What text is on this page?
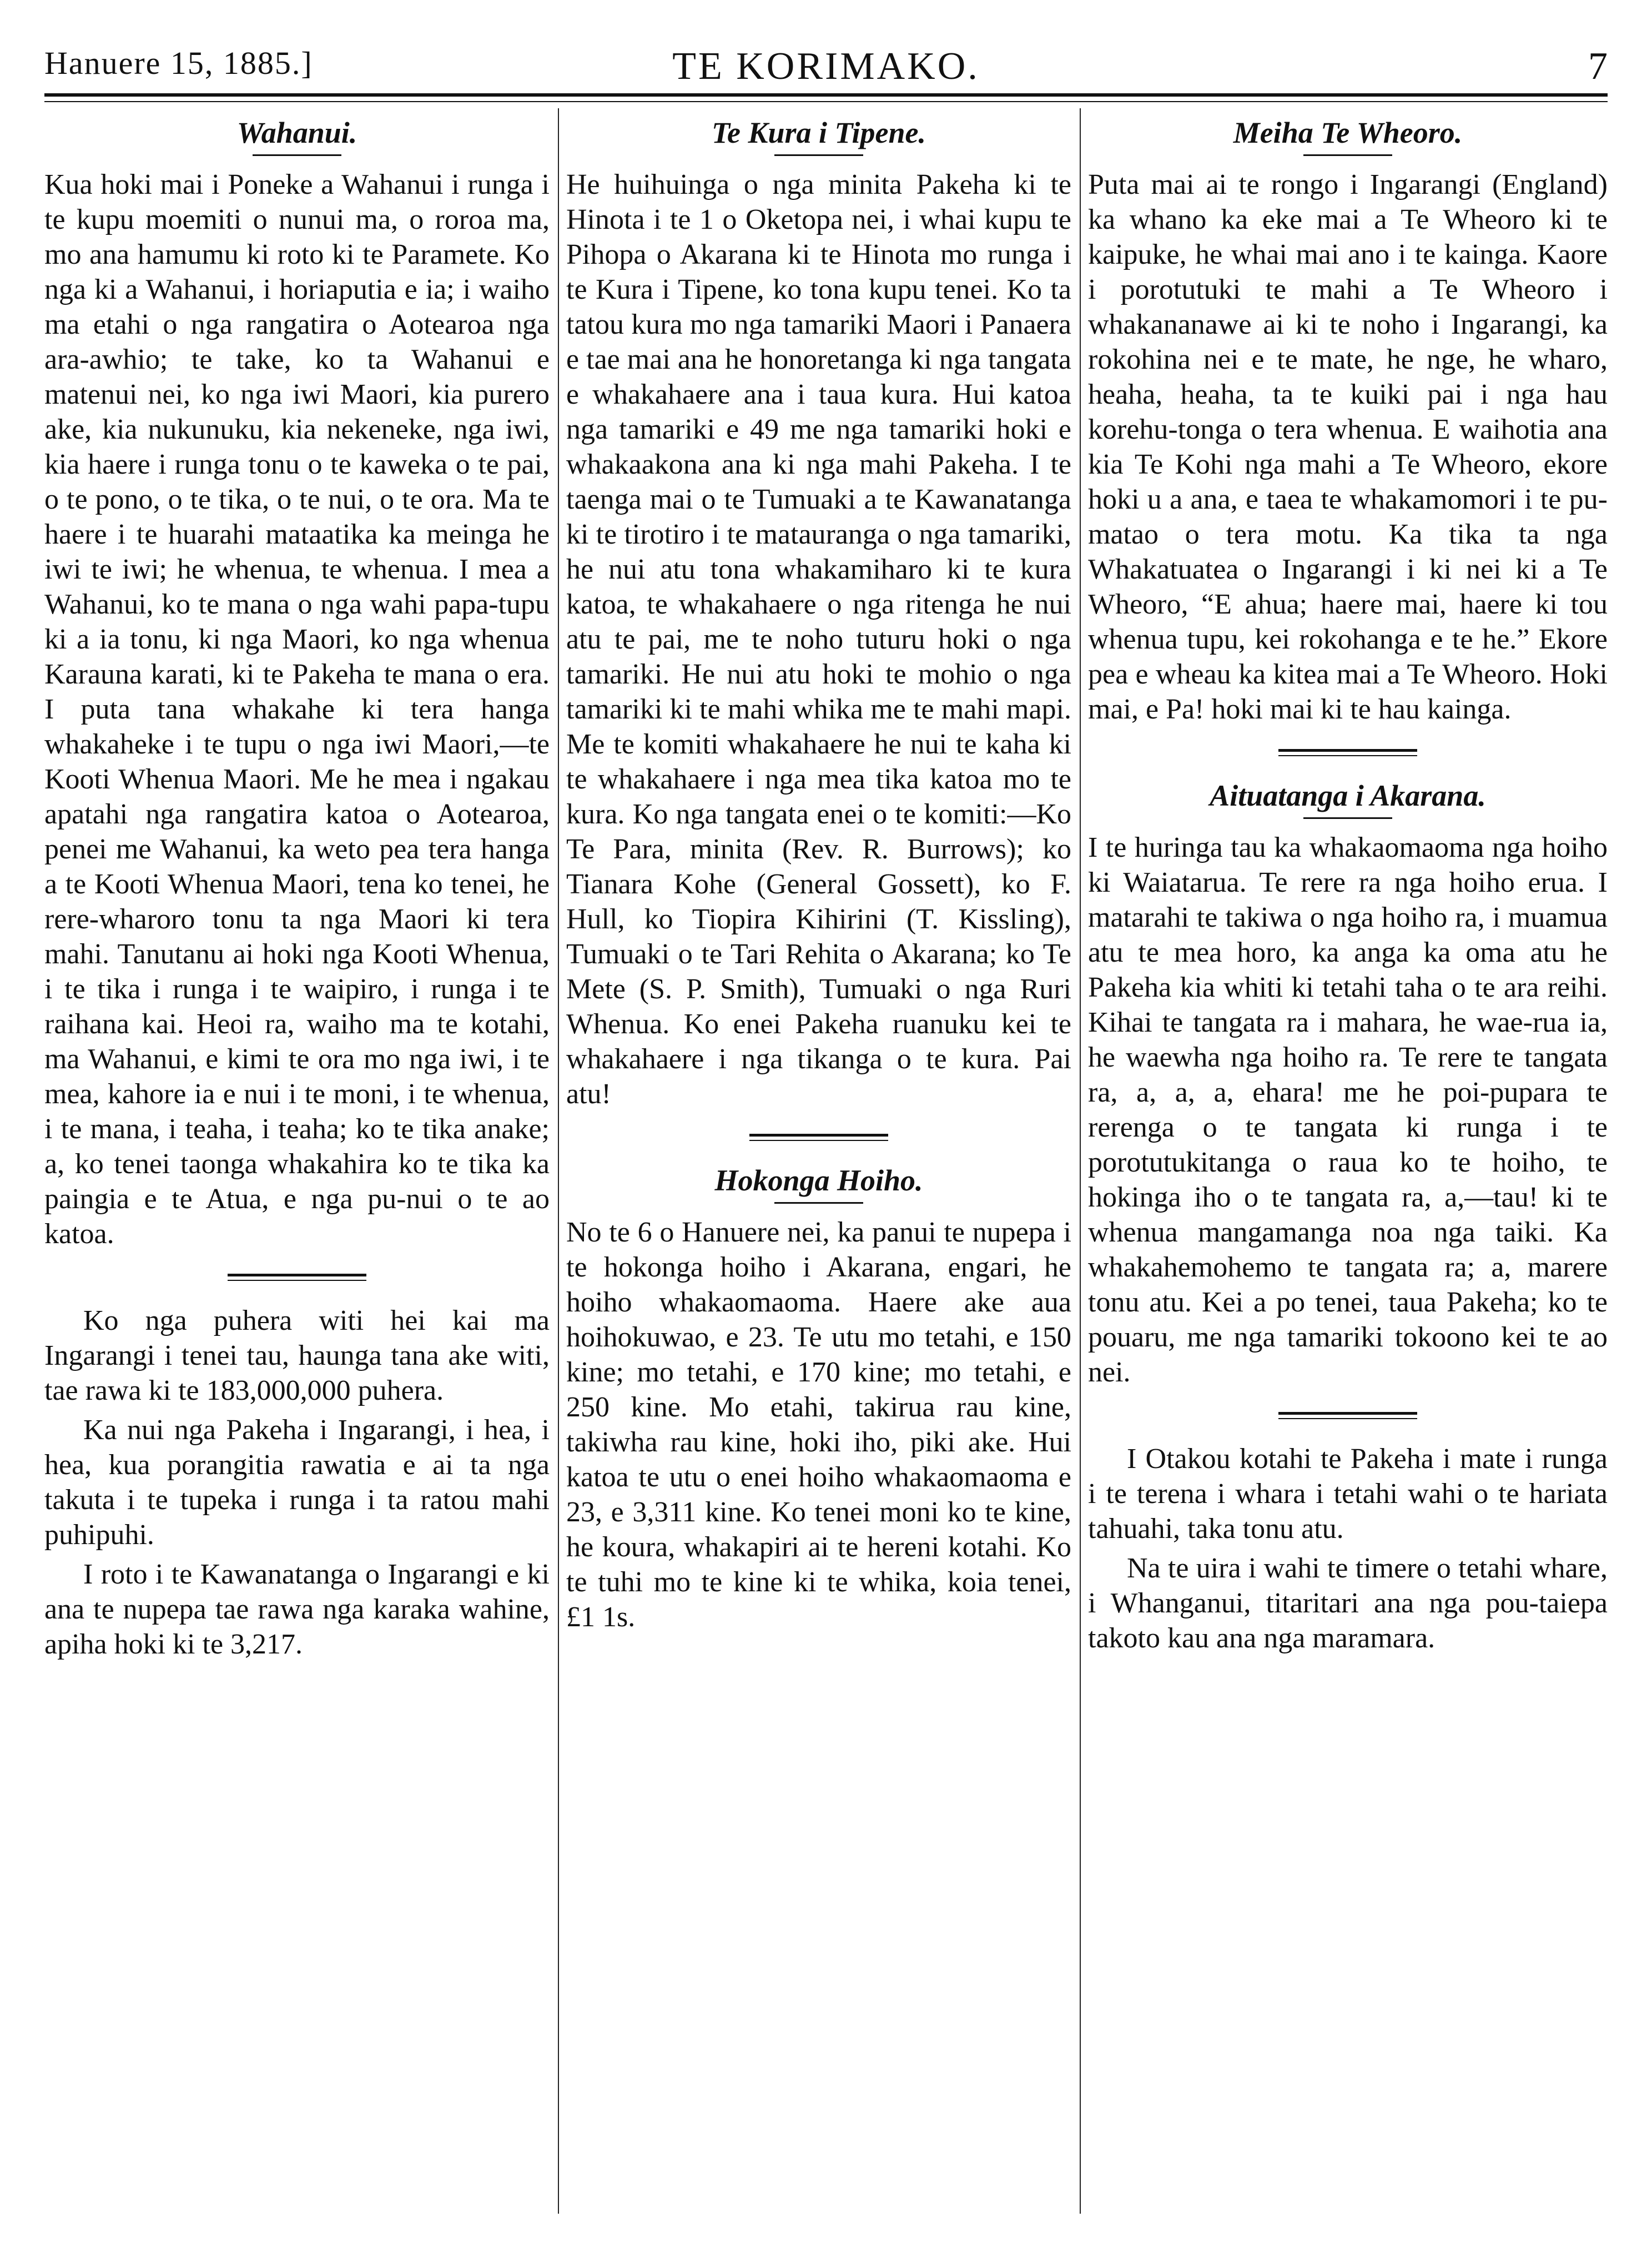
Hanuere 15, 1885.]	TE KORIMAKO.	7
Wahanui.

Kua hoki mai i Poneke a Wahanui i runga i te kupu moemiti o nunui ma, o roroa ma, mo ana hamumu ki roto ki te Paramete. Ko nga ki a Wahanui, i horiaputia e ia; i waiho ma etahi o nga rangatira o Aotearoa nga ara-awhio; te take, ko ta Wahanui e matenui nei, ko nga iwi Maori, kia purero ake, kia nukunuku, kia nekeneke, nga iwi, kia haere i runga tonu o te kaweka o te pai, o te pono, o te tika, o te nui, o te ora. Ma te haere i te huarahi mataatika ka meinga he iwi te iwi; he whenua, te whenua. I mea a Wahanui, ko te mana o nga wahi papa-tupu ki a ia tonu, ki nga Maori, ko nga whenua Karauna karati, ki te Pakeha te mana o era. I puta tana whakahe ki tera hanga whakaheke i te tupu o nga iwi Maori,—te Kooti Whenua Maori. Me he mea i ngakau apatahi nga rangatira katoa o Aotearoa, penei me Wahanui, ka weto pea tera hanga a te Kooti Whenua Maori, tena ko tenei, he rere-wharoro tonu ta nga Maori ki tera mahi. Tanutanu ai hoki nga Kooti Whenua, i te tika i runga i te waipiro, i runga i te raihana kai. Heoi ra, waiho ma te kotahi, ma Wahanui, e kimi te ora mo nga iwi, i te mea, kahore ia e nui i te moni, i te whenua, i te mana, i teaha, i teaha; ko te tika anake; a, ko tenei taonga whakahira ko te tika ka paingia e te Atua, e nga pu-nui o te ao katoa.

Ko nga puhera witi hei kai ma Ingarangi i tenei tau, haunga tana ake witi, tae rawa ki te 183,000,000 puhera.

Ka nui nga Pakeha i Ingarangi, i hea, i hea, kua porangitia rawatia e ai ta nga takuta i te tupeka i runga i ta ratou mahi puhipuhi.

I roto i te Kawanatanga o Ingarangi e ki ana te nupepa tae rawa nga karaka wahine, apiha hoki ki te 3,217.

Te Kura i Tipene.

He huihuinga o nga minita Pakeha ki te Hinota i te 1 o Oketopa nei, i whai kupu te Pihopa o Akarana ki te Hinota mo runga i te Kura i Tipene, ko tona kupu tenei. Ko ta tatou kura mo nga tamariki Maori i Panaera e tae mai ana he honoretanga ki nga tangata e whakahaere ana i taua kura. Hui katoa nga tamariki e 49 me nga tamariki hoki e whakaakona ana ki nga mahi Pakeha. I te taenga mai o te Tumuaki a te Kawanatanga ki te tirotiro i te matauranga o nga tamariki, he nui atu tona whakamiharo ki te kura katoa, te whakahaere o nga ritenga he nui atu te pai, me te noho tuturu hoki o nga tamariki. He nui atu hoki te mohio o nga tamariki ki te mahi whika me te mahi mapi. Me te komiti whakahaere he nui te kaha ki te whakahaere i nga mea tika katoa mo te kura. Ko nga tangata enei o te komiti:—Ko Te Para, minita (Rev. R. Burrows); ko Tianara Kohe (General Gossett), ko F. Hull, ko Tiopira Kihirini (T. Kissling), Tumuaki o te Tari Rehita o Akarana; ko Te Mete (S. P. Smith), Tumuaki o nga Ruri Whenua. Ko enei Pakeha ruanuku kei te whakahaere i nga tikanga o te kura. Pai atu!

Hokonga Hoiho.

No te 6 o Hanuere nei, ka panui te nupepa i te hokonga hoiho i Akarana, engari, he hoiho whakaomaoma. Haere ake aua hoihokuwao, e 23. Te utu mo tetahi, e 150 kine; mo tetahi, e 170 kine; mo tetahi, e 250 kine. Mo etahi, takirua rau kine, takiwha rau kine, hoki iho, piki ake. Hui katoa te utu o enei hoiho whakaomaoma e 23, e 3,311 kine. Ko tenei moni ko te kine, he koura, whakapiri ai te hereni kotahi. Ko te tuhi mo te kine ki te whika, koia tenei, £1 1s.

Meiha Te Wheoro.

Puta mai ai te rongo i Ingarangi (England) ka whano ka eke mai a Te Wheoro ki te kaipuke, he whai mai ano i te kainga. Kaore i porotutuki te mahi a Te Wheoro i whakananawe ai ki te noho i Ingarangi, ka rokohina nei e te mate, he nge, he wharo, heaha, heaha, ta te kuiki pai i nga hau korehu-tonga o tera whenua. E waihotia ana kia Te Kohi nga mahi a Te Wheoro, ekore hoki u a ana, e taea te whakamomori i te pu-matao o tera motu. Ka tika ta nga Whakatuatea o Ingarangi i ki nei ki a Te Wheoro, “E ahua; haere mai, haere ki tou whenua tupu, kei rokohanga e te he.” Ekore pea e wheau ka kitea mai a Te Wheoro. Hoki mai, e Pa! hoki mai ki te hau kainga.

Aituatanga i Akarana.

I te huringa tau ka whakaomaoma nga hoiho ki Waiatarua. Te rere ra nga hoiho erua. I matarahi te takiwa o nga hoiho ra, i muamua atu te mea horo, ka anga ka oma atu he Pakeha kia whiti ki tetahi taha o te ara reihi. Kihai te tangata ra i mahara, he wae-rua ia, he waewha nga hoiho ra. Te rere te tangata ra, a, a, a, ehara! me he poi-pupara te rerenga o te tangata ki runga i te porotutukitanga o raua ko te hoiho, te hokinga iho o te tangata ra, a,—tau! ki te whenua mangamanga noa nga taiki. Ka whakahemohemo te tangata ra; a, marere tonu atu. Kei a po tenei, taua Pakeha; ko te pouaru, me nga tamariki tokoono kei te ao nei.

I Otakou kotahi te Pakeha i mate i runga i te terena i whara i tetahi wahi o te hariata tahuahi, taka tonu atu.

Na te uira i wahi te timere o tetahi whare, i Whanganui, titaritari ana nga pou-taiepa takoto kau ana nga maramara.
